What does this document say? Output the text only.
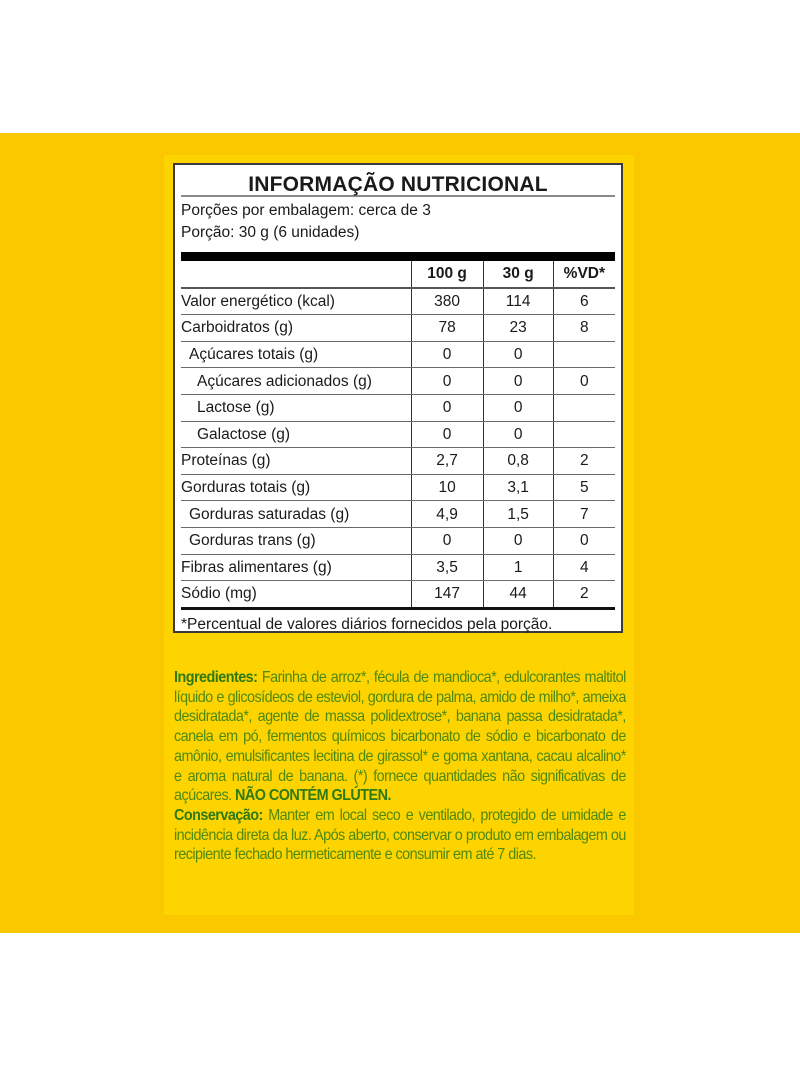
INFORMAÇÃO NUTRICIONAL
Porções por embalagem: cerca de 3
Porção: 30 g (6 unidades)
	100 g	30 g	%VD*
Valor energético (kcal)	380	114	6
Carboidratos (g)	78	23	8
Açúcares totais (g)	0	0	
Açúcares adicionados (g)	0	0	0
Lactose (g)	0	0	
Galactose (g)	0	0	
Proteínas (g)	2,7	0,8	2
Gorduras totais (g)	10	3,1	5
Gorduras saturadas (g)	4,9	1,5	7
Gorduras trans (g)	0	0	0
Fibras alimentares (g)	3,5	1	4
Sódio (mg)	147	44	2
*Percentual de valores diários fornecidos pela porção.

Ingredientes: Farinha de arroz*, fécula de mandioca*, edulcorantes maltitol líquido e glicosídeos de esteviol, gordura de palma, amido de milho*, ameixa desidratada*, agente de massa polidextrose*, banana passa desidratada*, canela em pó, fermentos químicos bicarbonato de sódio e bicarbonato de amônio, emulsificantes lecitina de girassol* e goma xantana, cacau alcalino* e aroma natural de banana. (*) fornece quantidades não significativas de açúcares. NÃO CONTÉM GLÚTEN.

Conservação: Manter em local seco e ventilado, protegido de umidade e incidência direta da luz. Após aberto, conservar o produto em embalagem ou recipiente fechado hermeticamente e consumir em até 7 dias.
